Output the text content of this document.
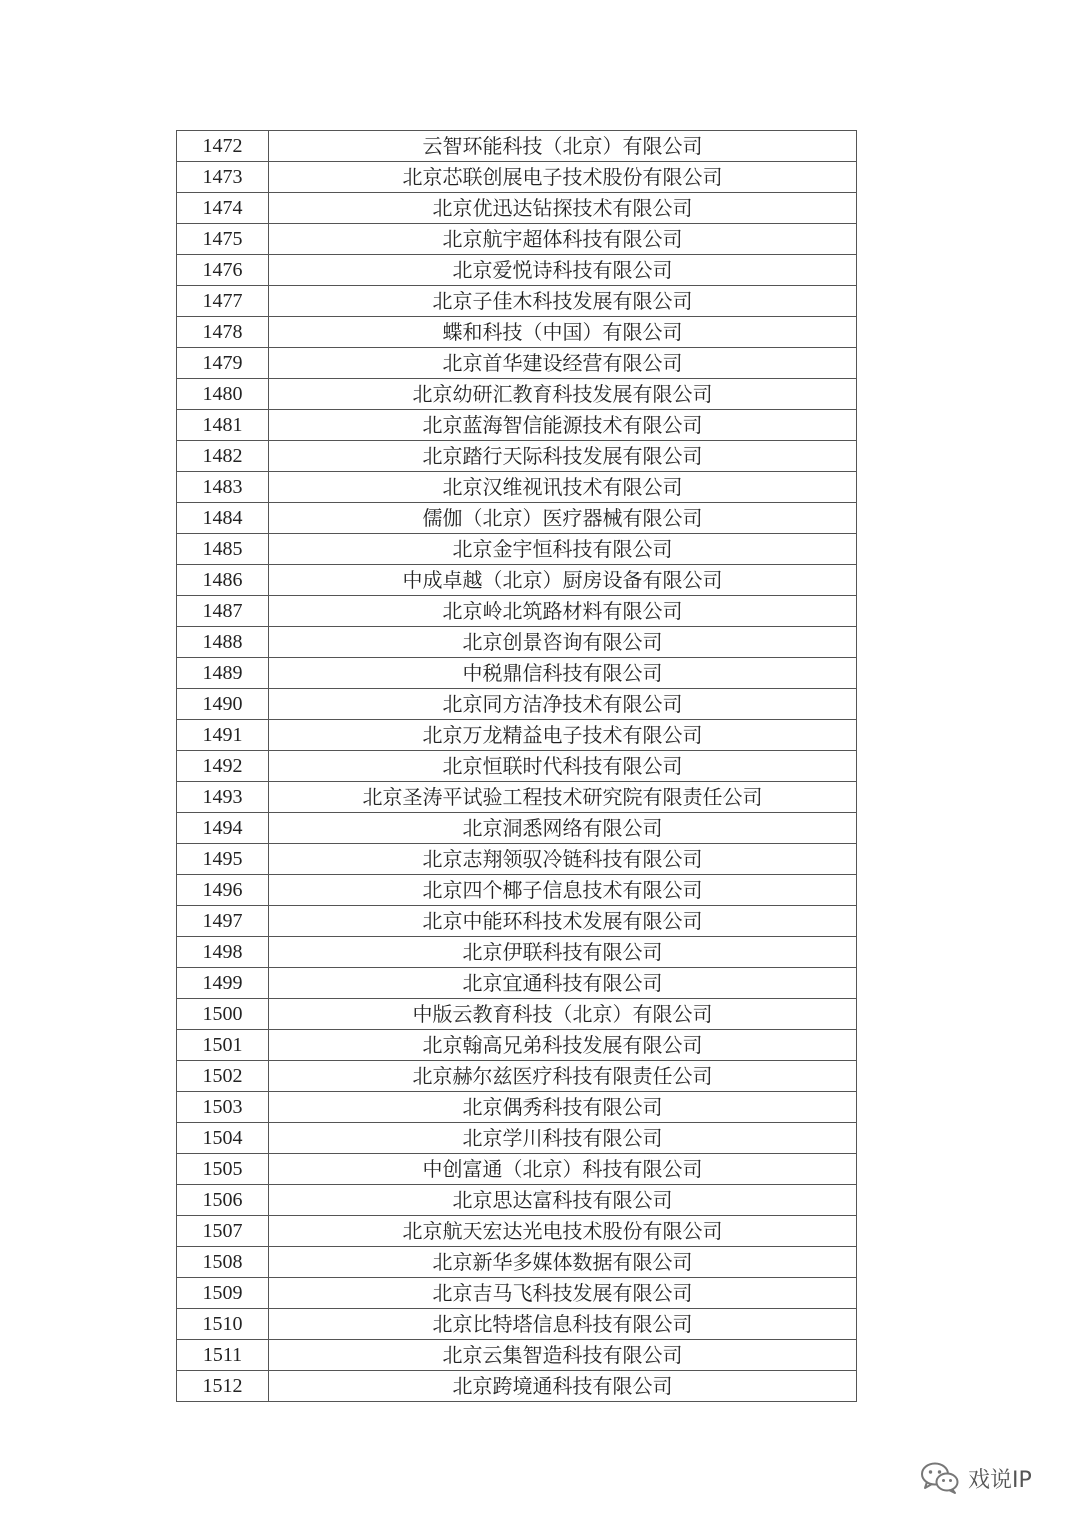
1472	云智环能科技（北京）有限公司
1473	北京芯联创展电子技术股份有限公司
1474	北京优迅达钻探技术有限公司
1475	北京航宇超体科技有限公司
1476	北京爱悦诗科技有限公司
1477	北京子佳木科技发展有限公司
1478	蝶和科技（中国）有限公司
1479	北京首华建设经营有限公司
1480	北京幼研汇教育科技发展有限公司
1481	北京蓝海智信能源技术有限公司
1482	北京踏行天际科技发展有限公司
1483	北京汉维视讯技术有限公司
1484	儒伽（北京）医疗器械有限公司
1485	北京金宇恒科技有限公司
1486	中成卓越（北京）厨房设备有限公司
1487	北京岭北筑路材料有限公司
1488	北京创景咨询有限公司
1489	中税鼎信科技有限公司
1490	北京同方洁净技术有限公司
1491	北京万龙精益电子技术有限公司
1492	北京恒联时代科技有限公司
1493	北京圣涛平试验工程技术研究院有限责任公司
1494	北京洞悉网络有限公司
1495	北京志翔领驭冷链科技有限公司
1496	北京四个椰子信息技术有限公司
1497	北京中能环科技术发展有限公司
1498	北京伊联科技有限公司
1499	北京宜通科技有限公司
1500	中版云教育科技（北京）有限公司
1501	北京翰高兄弟科技发展有限公司
1502	北京赫尔兹医疗科技有限责任公司
1503	北京偶秀科技有限公司
1504	北京学川科技有限公司
1505	中创富通（北京）科技有限公司
1506	北京思达富科技有限公司
1507	北京航天宏达光电技术股份有限公司
1508	北京新华多媒体数据有限公司
1509	北京吉马飞科技发展有限公司
1510	北京比特塔信息科技有限公司
1511	北京云集智造科技有限公司
1512	北京跨境通科技有限公司
戏说IP
